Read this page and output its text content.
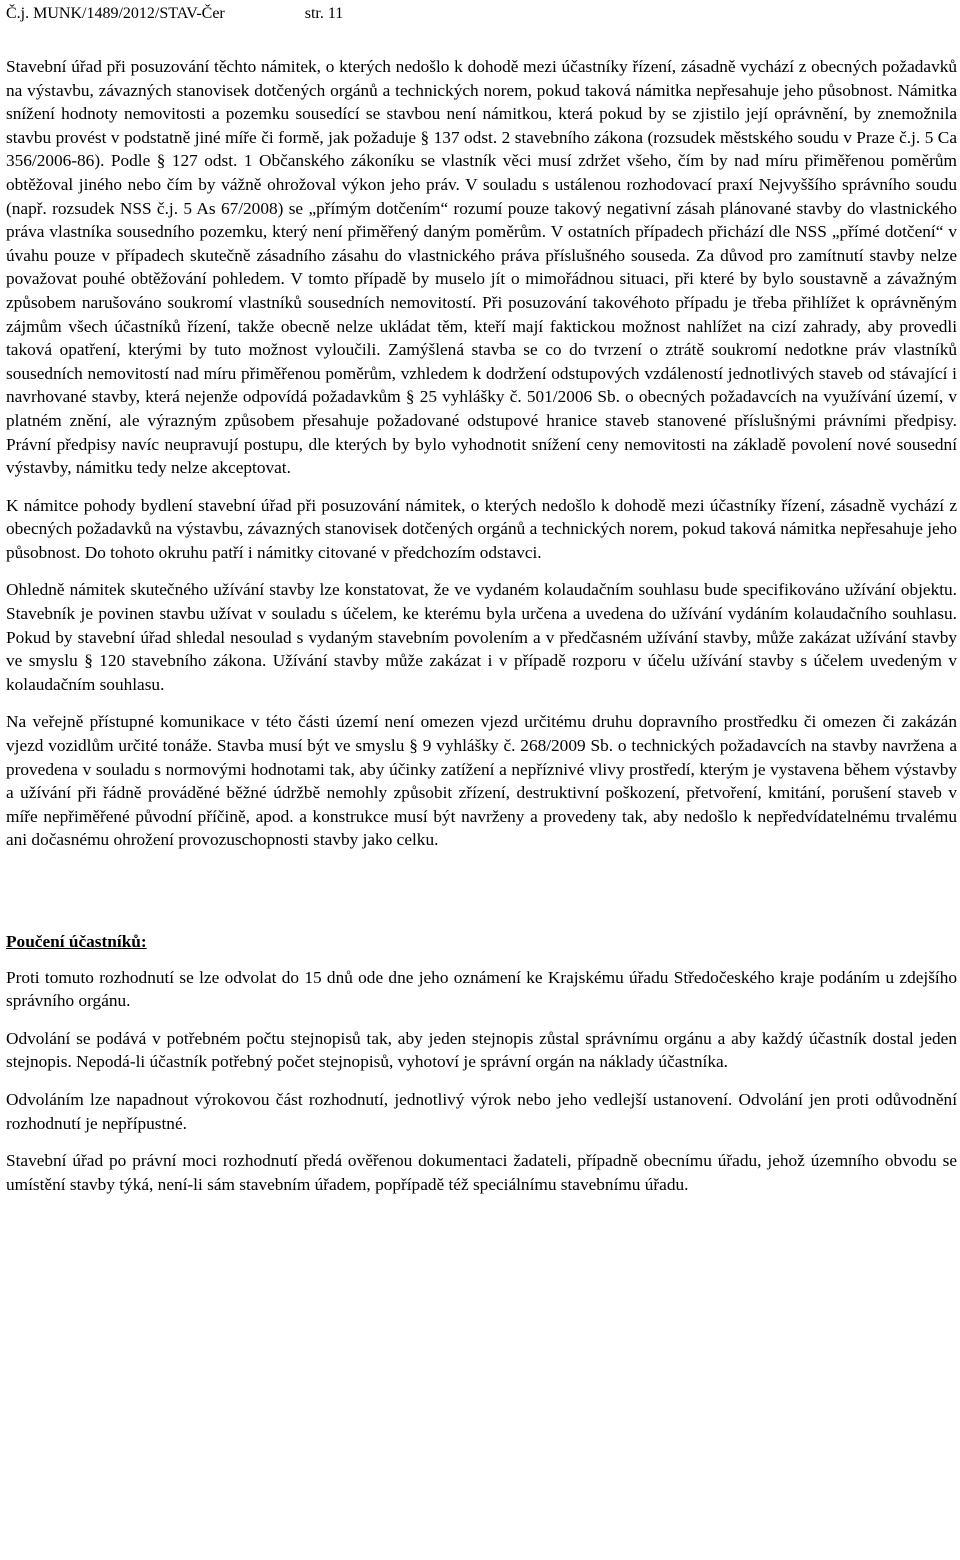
Č.j. MUNK/1489/2012/STAV-Čer	str. 11

Stavební úřad při posuzování těchto námitek, o kterých nedošlo k dohodě mezi účastníky řízení, zásadně vychází z obecných požadavků na výstavbu, závazných stanovisek dotčených orgánů a technických norem, pokud taková námitka nepřesahuje jeho působnost. Námitka snížení hodnoty nemovitosti a pozemku sousedící se stavbou není námitkou, která pokud by se zjistilo její oprávnění, by znemožnila stavbu provést v podstatně jiné míře či formě, jak požaduje § 137 odst. 2 stavebního zákona (rozsudek městského soudu v Praze č.j. 5 Ca 356/2006-86). Podle § 127 odst. 1 Občanského zákoníku se vlastník věci musí zdržet všeho, čím by nad míru přiměřenou poměrům obtěžoval jiného nebo čím by vážně ohrožoval výkon jeho práv. V souladu s ustálenou rozhodovací praxí Nejvyššího správního soudu (např. rozsudek NSS č.j. 5 As 67/2008) se „přímým dotčením“ rozumí pouze takový negativní zásah plánované stavby do vlastnického práva vlastníka sousedního pozemku, který není přiměřený daným poměrům. V ostatních případech přichází dle NSS „přímé dotčení“ v úvahu pouze v případech skutečně zásadního zásahu do vlastnického práva příslušného souseda. Za důvod pro zamítnutí stavby nelze považovat pouhé obtěžování pohledem. V tomto případě by muselo jít o mimořádnou situaci, při které by bylo soustavně a závažným způsobem narušováno soukromí vlastníků sousedních nemovitostí. Při posuzování takovéhoto případu je třeba přihlížet k oprávněným zájmům všech účastníků řízení, takže obecně nelze ukládat těm, kteří mají faktickou možnost nahlížet na cizí zahrady, aby provedli taková opatření, kterými by tuto možnost vyloučili. Zamýšlená stavba se co do tvrzení o ztrátě soukromí nedotkne práv vlastníků sousedních nemovitostí nad míru přiměřenou poměrům, vzhledem k dodržení odstupových vzdáleností jednotlivých staveb od stávající i navrhované stavby, která nejenže odpovídá požadavkům § 25 vyhlášky č. 501/2006 Sb. o obecných požadavcích na využívání území, v platném znění, ale výrazným způsobem přesahuje požadované odstupové hranice staveb stanovené příslušnými právními předpisy. Právní předpisy navíc neupravují postupu, dle kterých by bylo vyhodnotit snížení ceny nemovitosti na základě povolení nové sousední výstavby, námitku tedy nelze akceptovat.

K námitce pohody bydlení stavební úřad při posuzování námitek, o kterých nedošlo k dohodě mezi účastníky řízení, zásadně vychází z obecných požadavků na výstavbu, závazných stanovisek dotčených orgánů a technických norem, pokud taková námitka nepřesahuje jeho působnost. Do tohoto okruhu patří i námitky citované v předchozím odstavci.

Ohledně námitek skutečného užívání stavby lze konstatovat, že ve vydaném kolaudačním souhlasu bude specifikováno užívání objektu. Stavebník je povinen stavbu užívat v souladu s účelem, ke kterému byla určena a uvedena do užívání vydáním kolaudačního souhlasu. Pokud by stavební úřad shledal nesoulad s vydaným stavebním povolením a v předčasném užívání stavby, může zakázat užívání stavby ve smyslu § 120 stavebního zákona. Užívání stavby může zakázat i v případě rozporu v účelu užívání stavby s účelem uvedeným v kolaudačním souhlasu.

Na veřejně přístupné komunikace v této části území není omezen vjezd určitému druhu dopravního prostředku či omezen či zakázán vjezd vozidlům určité tonáže. Stavba musí být ve smyslu § 9 vyhlášky č. 268/2009 Sb. o technických požadavcích na stavby navržena a provedena v souladu s normovými hodnotami tak, aby účinky zatížení a nepříznivé vlivy prostředí, kterým je vystavena během výstavby a užívání při řádně prováděné běžné údržbě nemohly způsobit zřízení, destruktivní poškození, přetvoření, kmitání, porušení staveb v míře nepřiměřené původní příčině, apod. a konstrukce musí být navrženy a provedeny tak, aby nedošlo k nepředvídatelnému trvalému ani dočasnému ohrožení provozuschopnosti stavby jako celku.

Poučení účastníků:

Proti tomuto rozhodnutí se lze odvolat do 15 dnů ode dne jeho oznámení ke Krajskému úřadu Středočeského kraje podáním u zdejšího správního orgánu.

Odvolání se podává v potřebném počtu stejnopisů tak, aby jeden stejnopis zůstal správnímu orgánu a aby každý účastník dostal jeden stejnopis. Nepodá-li účastník potřebný počet stejnopisů, vyhotoví je správní orgán na náklady účastníka.

Odvoláním lze napadnout výrokovou část rozhodnutí, jednotlivý výrok nebo jeho vedlejší ustanovení. Odvolání jen proti odůvodnění rozhodnutí je nepřípustné.

Stavební úřad po právní moci rozhodnutí předá ověřenou dokumentaci žadateli, případně obecnímu úřadu, jehož územního obvodu se umístění stavby týká, není-li sám stavebním úřadem, popřípadě též speciálnímu stavebnímu úřadu.
